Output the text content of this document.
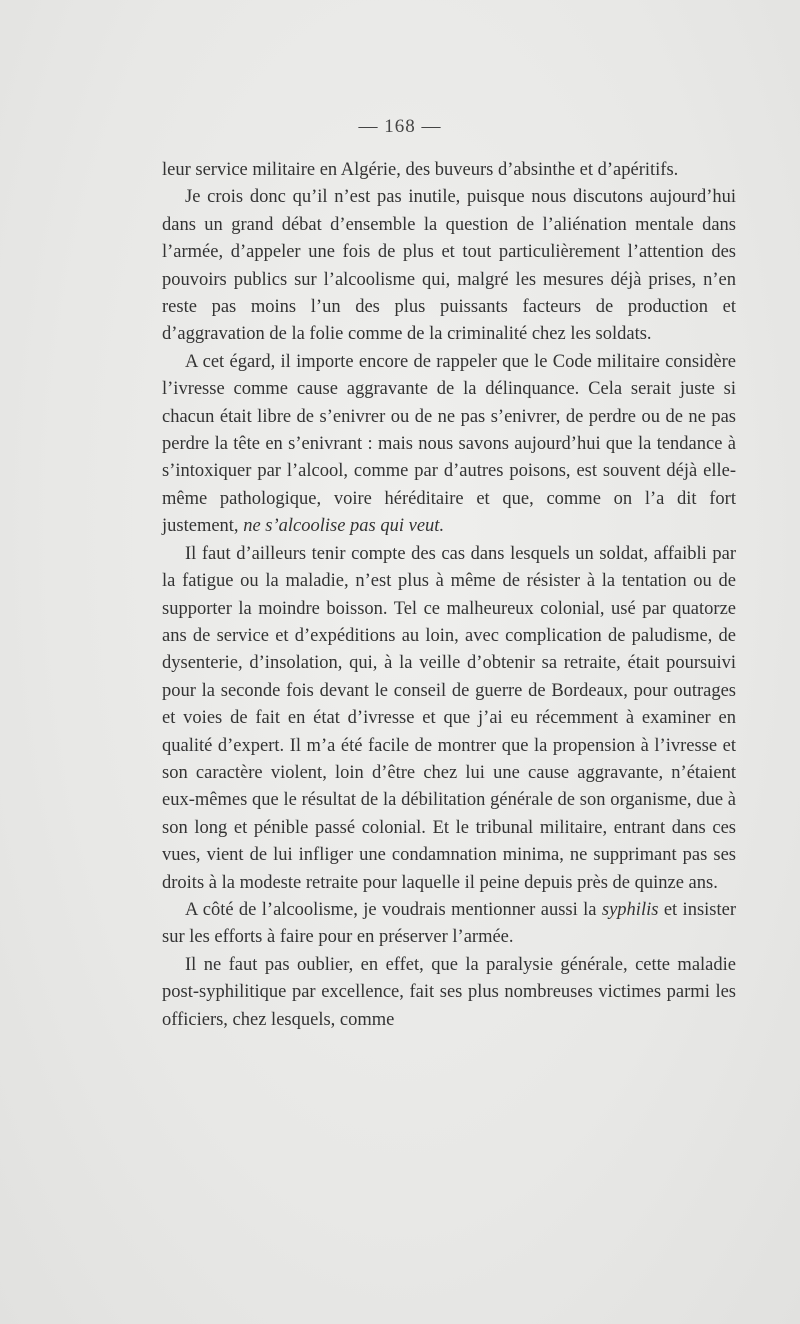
— 168 —

leur service militaire en Algérie, des buveurs d’absinthe et d’apéritifs.

Je crois donc qu’il n’est pas inutile, puisque nous discutons aujourd’hui dans un grand débat d’ensemble la question de l’aliénation mentale dans l’armée, d’appeler une fois de plus et tout particulièrement l’attention des pouvoirs publics sur l’alcoolisme qui, malgré les mesures déjà prises, n’en reste pas moins l’un des plus puissants facteurs de production et d’aggravation de la folie comme de la criminalité chez les soldats.

A cet égard, il importe encore de rappeler que le Code militaire considère l’ivresse comme cause aggravante de la délinquance. Cela serait juste si chacun était libre de s’enivrer ou de ne pas s’enivrer, de perdre ou de ne pas perdre la tête en s’enivrant : mais nous savons aujourd’hui que la tendance à s’intoxiquer par l’alcool, comme par d’autres poisons, est souvent déjà elle-même pathologique, voire héréditaire et que, comme on l’a dit fort justement, ne s’alcoolise pas qui veut.

Il faut d’ailleurs tenir compte des cas dans lesquels un soldat, affaibli par la fatigue ou la maladie, n’est plus à même de résister à la tentation ou de supporter la moindre boisson. Tel ce malheureux colonial, usé par quatorze ans de service et d’expéditions au loin, avec complication de paludisme, de dysenterie, d’insolation, qui, à la veille d’obtenir sa retraite, était poursuivi pour la seconde fois devant le conseil de guerre de Bordeaux, pour outrages et voies de fait en état d’ivresse et que j’ai eu récemment à examiner en qualité d’expert. Il m’a été facile de montrer que la propension à l’ivresse et son caractère violent, loin d’être chez lui une cause aggravante, n’étaient eux-mêmes que le résultat de la débilitation générale de son organisme, due à son long et pénible passé colonial. Et le tribunal militaire, entrant dans ces vues, vient de lui infliger une condamnation minima, ne supprimant pas ses droits à la modeste retraite pour laquelle il peine depuis près de quinze ans.

A côté de l’alcoolisme, je voudrais mentionner aussi la syphilis et insister sur les efforts à faire pour en préserver l’armée.

Il ne faut pas oublier, en effet, que la paralysie générale, cette maladie post-syphilitique par excellence, fait ses plus nombreuses victimes parmi les officiers, chez lesquels, comme
